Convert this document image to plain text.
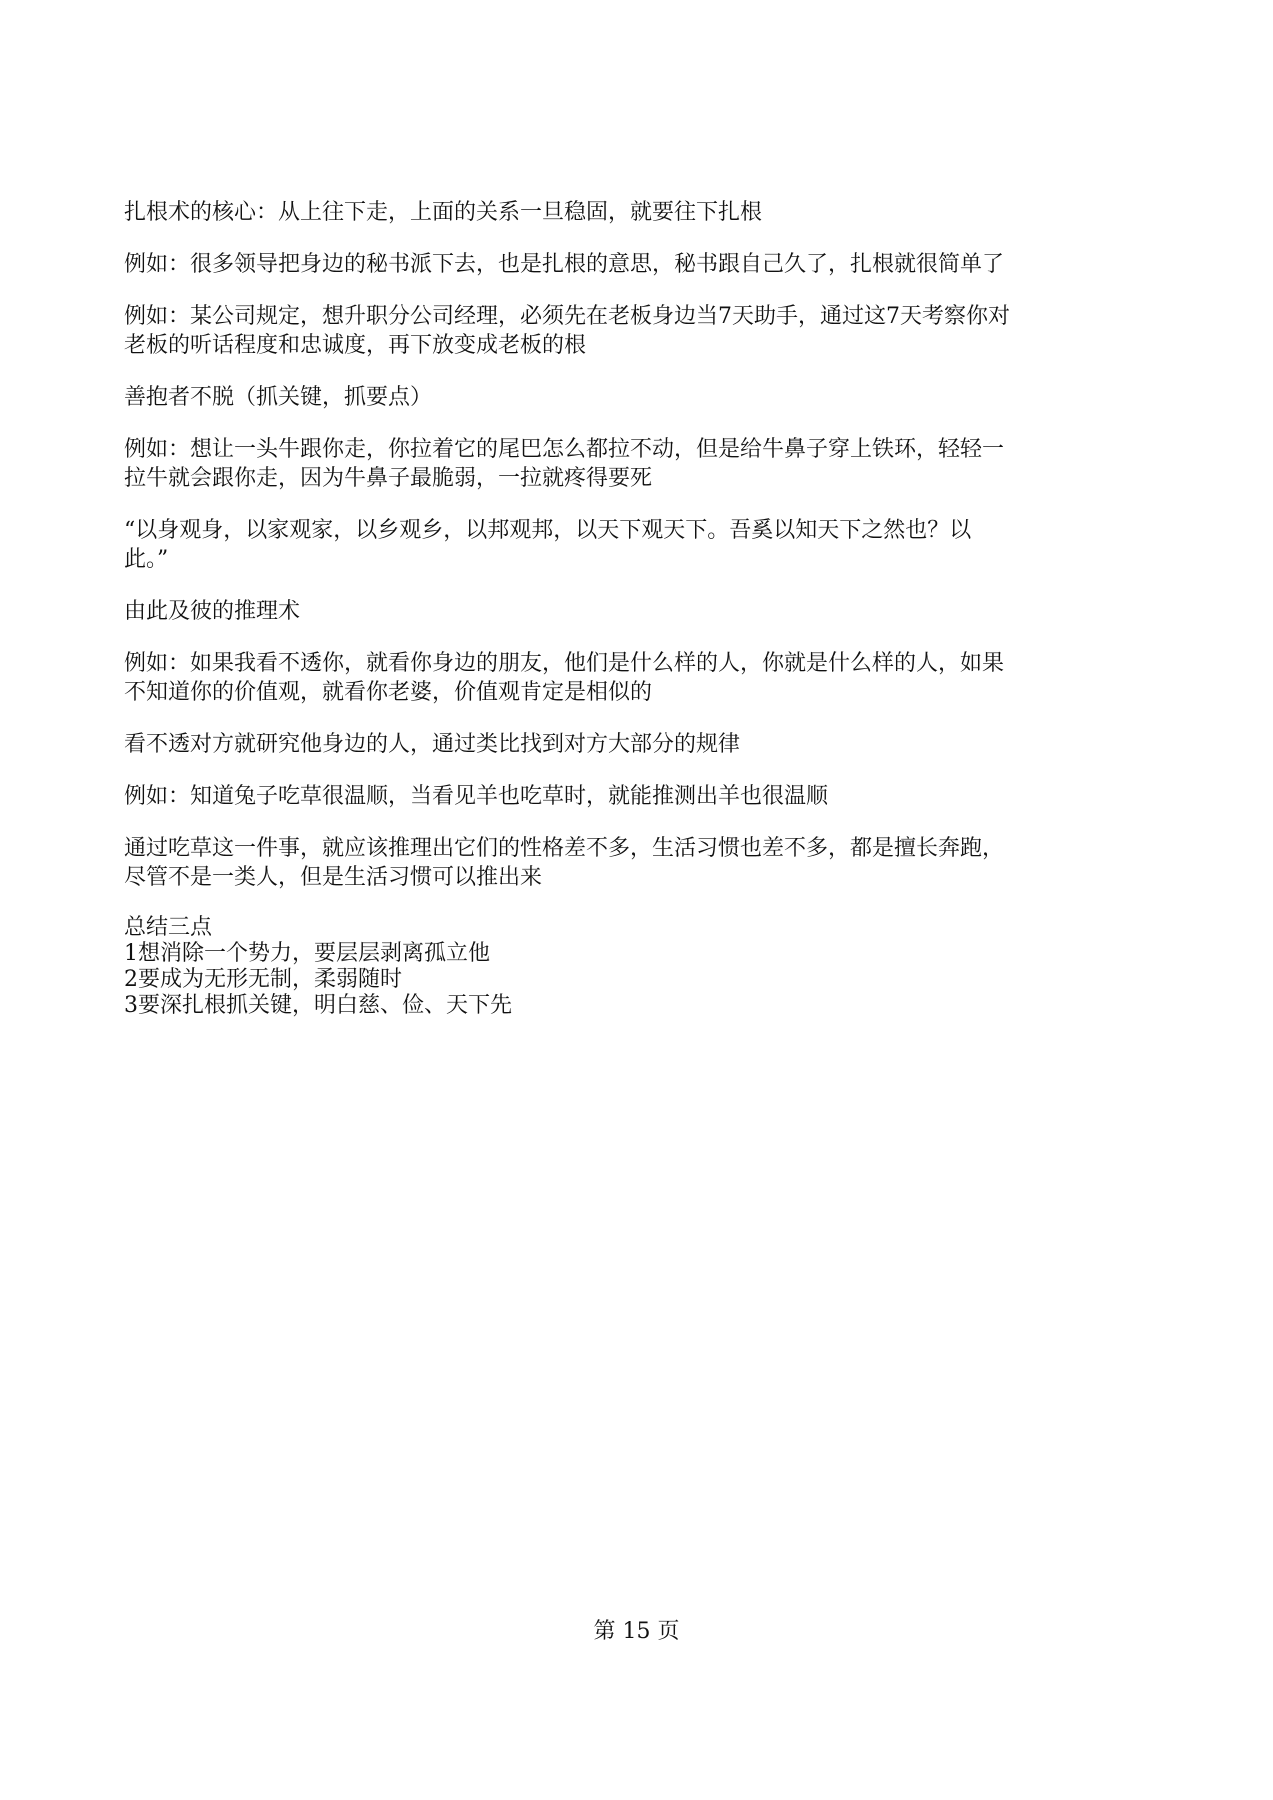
扎根术的核心：从上往下走，上面的关系一旦稳固，就要往下扎根

例如：很多领导把身边的秘书派下去，也是扎根的意思，秘书跟自己久了，扎根就很简单了

例如：某公司规定，想升职分公司经理，必须先在老板身边当7天助手，通过这7天考察你对
老板的听话程度和忠诚度，再下放变成老板的根

善抱者不脱（抓关键，抓要点）

例如：想让一头牛跟你走，你拉着它的尾巴怎么都拉不动，但是给牛鼻子穿上铁环，轻轻一
拉牛就会跟你走，因为牛鼻子最脆弱，一拉就疼得要死

“以身观身，以家观家，以乡观乡，以邦观邦，以天下观天下。吾奚以知天下之然也？以
此。”

由此及彼的推理术

例如：如果我看不透你，就看你身边的朋友，他们是什么样的人，你就是什么样的人，如果
不知道你的价值观，就看你老婆，价值观肯定是相似的

看不透对方就研究他身边的人，通过类比找到对方大部分的规律

例如：知道兔子吃草很温顺，当看见羊也吃草时，就能推测出羊也很温顺

通过吃草这一件事，就应该推理出它们的性格差不多，生活习惯也差不多，都是擅长奔跑，
尽管不是一类人，但是生活习惯可以推出来

总结三点

1想消除一个势力，要层层剥离孤立他

2要成为无形无制，柔弱随时

3要深扎根抓关键，明白慈、俭、天下先

第 15 页
